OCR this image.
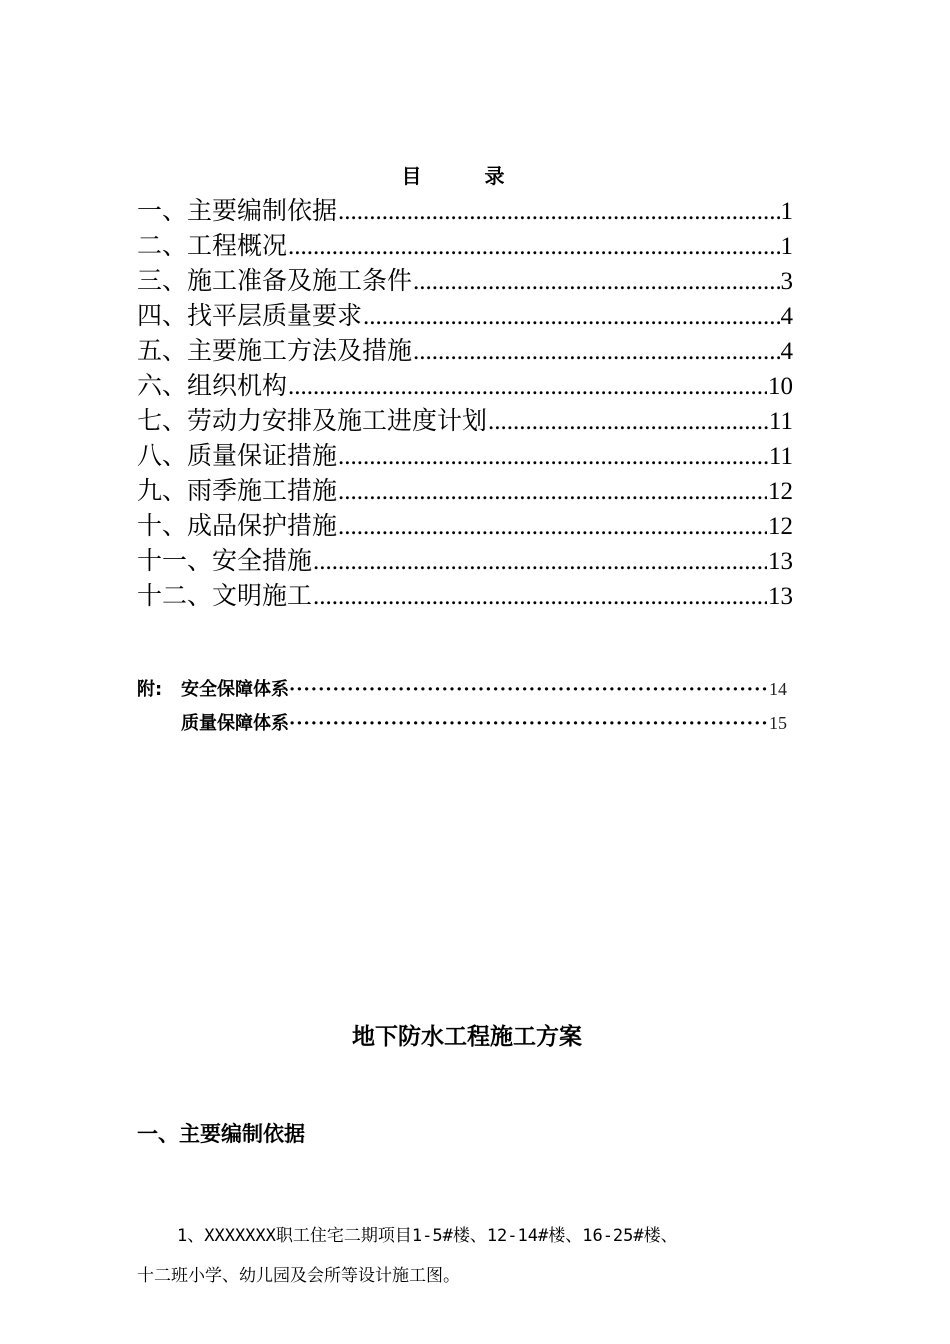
目 录
一、主要编制依据 .....	1
二、工程概况 .....	1
三、施工准备及施工条件 .....	3
四、找平层质量要求 .....	4
五、主要施工方法及措施 .....	4
六、组织机构 .....	10
七、劳动力安排及施工进度计划 .....	11
八、质量保证措施 .....	11
九、雨季施工措施 .....	12
十、成品保护措施 .....	12
十一、安全措施 .....	13
十二、文明施工 .....	13
附:	安全保障体系 ·····	14
质量保障体系 ·····	15
地下防水工程施工方案
一、主要编制依据
1、XXXXXXX职工住宅二期项目1-5#楼、12-14#楼、16-25#楼、
十二班小学、幼儿园及会所等设计施工图。
